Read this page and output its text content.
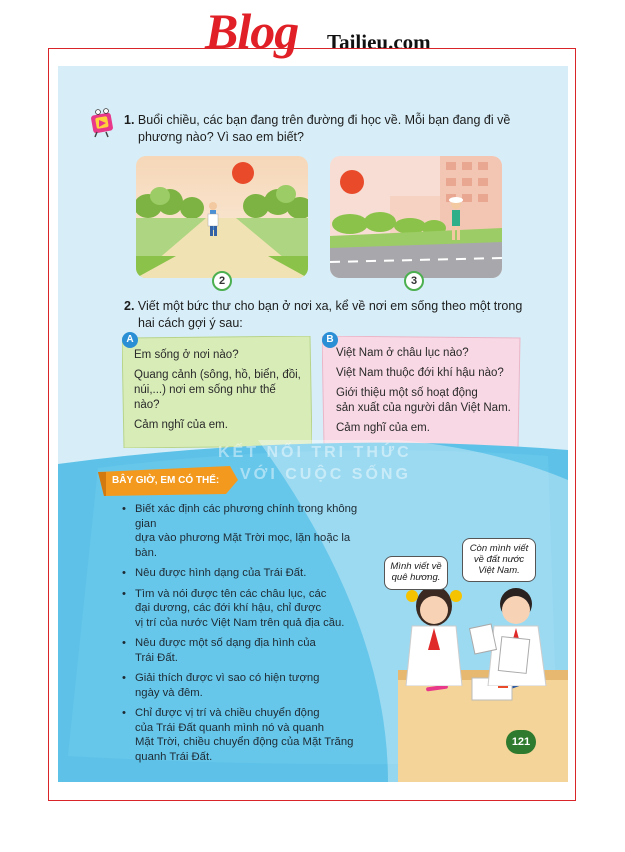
Blog Tailieu.com
1. Buổi chiều, các bạn đang trên đường đi học về. Mỗi bạn đang đi về
phương nào? Vì sao em biết?
2	3
2. Viết một bức thư cho bạn ở nơi xa, kể về nơi em sống theo một trong
hai cách gợi ý sau:
A

Em sống ở nơi nào?

Quang cảnh (sông, hồ, biển, đồi,

núi,...) nơi em sống như thế nào?

Cảm nghĩ của em.

B

Việt Nam ở châu lục nào?

Việt Nam thuộc đới khí hậu nào?

Giới thiệu một số hoạt động

sản xuất của người dân Việt Nam.

Cảm nghĩ của em.

KẾT NỐI TRI THỨC
VỚI CUỘC SỐNG
BÂY GIỜ, EM CÓ THỂ:
• Biết xác định các phương chính trong không gian
dựa vào phương Mặt Trời mọc, lặn hoặc la bàn.
• Nêu được hình dạng của Trái Đất.
• Tìm và nói được tên các châu lục, các
đại dương, các đới khí hậu, chỉ được
vị trí của nước Việt Nam trên quả địa cầu.
• Nêu được một số dạng địa hình của
Trái Đất.
• Giải thích được vì sao có hiện tượng
ngày và đêm.
• Chỉ được vị trí và chiều chuyển động
của Trái Đất quanh mình nó và quanh
Mặt Trời, chiều chuyển động của Mặt Trăng
quanh Trái Đất.
Mình viết về
quê hương.
Còn mình viết
về đất nước
Việt Nam.
121
